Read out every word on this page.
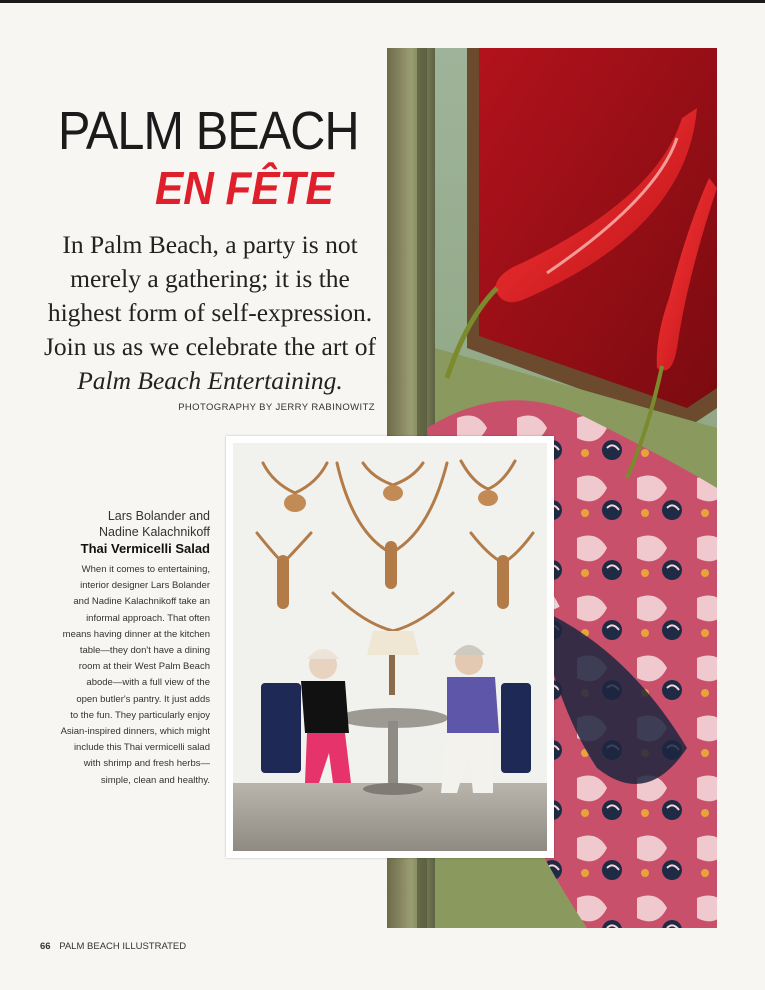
PALM BEACH
EN FÊTE
In Palm Beach, a party is not
merely a gathering; it is the
highest form of self-expression.
Join us as we celebrate the art of
Palm Beach Entertaining.
PHOTOGRAPHY BY JERRY RABINOWITZ
Lars Bolander and
Nadine Kalachnikoff
Thai Vermicelli Salad
When it comes to entertaining,
interior designer Lars Bolander
and Nadine Kalachnikoff take an
informal approach. That often
means having dinner at the kitchen
table—they don't have a dining
room at their West Palm Beach
abode—with a full view of the
open butler's pantry. It just adds
to the fun. They particularly enjoy
Asian-inspired dinners, which might
include this Thai vermicelli salad
with shrimp and fresh herbs—
simple, clean and healthy.
66 PALM BEACH ILLUSTRATED
